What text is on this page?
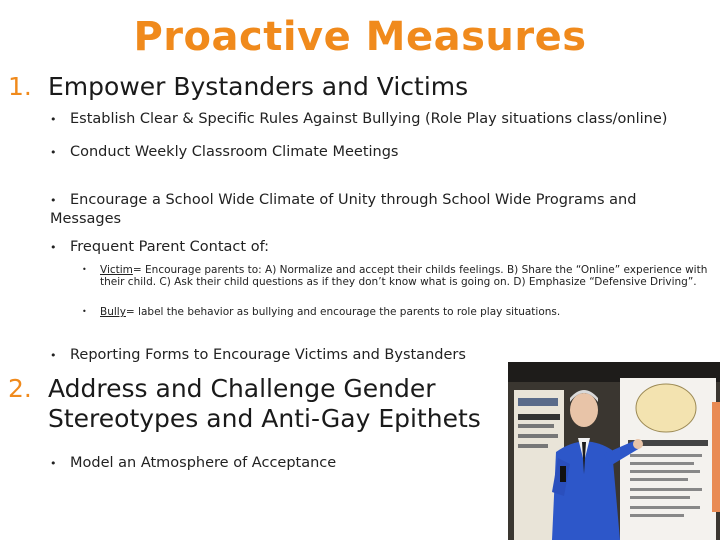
Proactive Measures
1. Empower Bystanders and Victims
• Establish Clear & Specific Rules Against Bullying (Role Play situations class/online)
• Conduct Weekly Classroom Climate Meetings
• Encourage a School Wide Climate of Unity through School Wide Programs and Messages
• Frequent Parent Contact of:
• Victim= Encourage parents to: A) Normalize and accept their childs feelings. B) Share the “Online” experience with their child. C) Ask their child questions as if they don’t know what is going on. D) Emphasize “Defensive Driving”.
• Bully= label the behavior as bullying and encourage the parents to role play situations.
• Reporting Forms to Encourage Victims and Bystanders
2. Address and Challenge Gender
Stereotypes and Anti-Gay Epithets
• Model an Atmosphere of Acceptance
